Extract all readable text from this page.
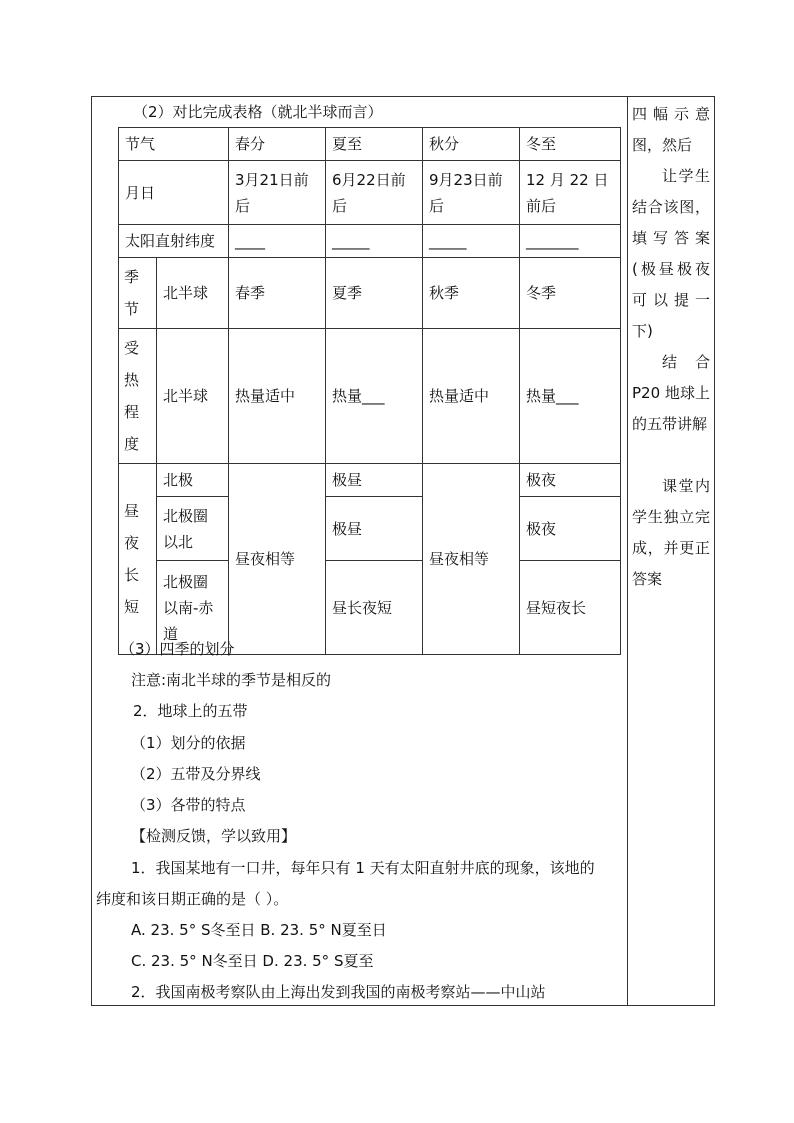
（2）对比完成表格（就北半球而言）
节气		春分	夏至	秋分	冬至
月日		3月21日前后	6月22日前后	9月23日前后	12 月 22 日前后
太阳直射纬度		____	_____	_____	_______
季节	北半球	春季	夏季	秋季	冬季
受热程度	北半球	热量适中	热量___	热量适中	热量___
昼夜长短	北极	昼夜相等	极昼	昼夜相等	极夜
	北极圈以北		极昼		极夜
	北极圈以南-赤道		昼长夜短		昼短夜长
（3）四季的划分
注意:南北半球的季节是相反的
2．地球上的五带
（1）划分的依据
（2）五带及分界线
（3）各带的特点
【检测反馈，学以致用】
1．我国某地有一口井，每年只有 1 天有太阳直射井底的现象，该地的
纬度和该日期正确的是（ ）。
A. 23. 5° S冬至日 B. 23. 5° N夏至日
C. 23. 5° N冬至日 D. 23. 5° S夏至
2．我国南极考察队由上海出发到我国的南极考察站——中山站

四幅示意图，然后

让学生结合该图，填写答案(极昼极夜可以提一下)

结合P20 地球上的五带讲解

课堂内学生独立完成，并更正答案
